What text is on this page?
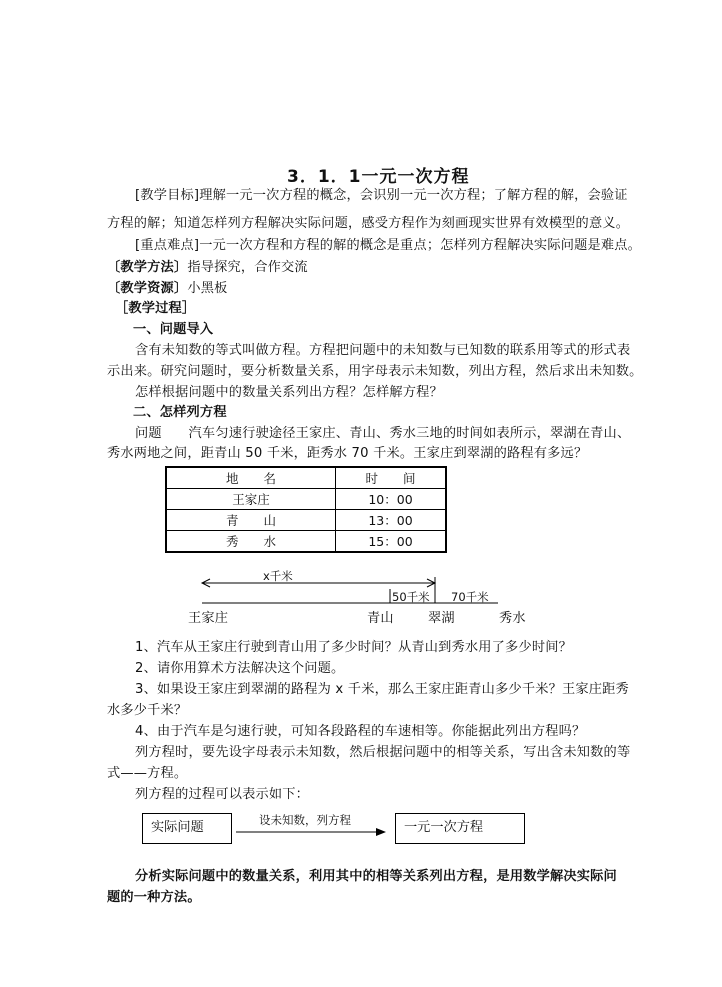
3．1．1一元一次方程
[教学目标]理解一元一次方程的概念，会识别一元一次方程；了解方程的解，会验证
方程的解；知道怎样列方程解决实际问题，感受方程作为刻画现实世界有效模型的意义。
[重点难点]一元一次方程和方程的解的概念是重点；怎样列方程解决实际问题是难点。
〔教学方法〕指导探究，合作交流
〔教学资源〕小黑板
［教学过程］
一、问题导入
含有未知数的等式叫做方程。方程把问题中的未知数与已知数的联系用等式的形式表
示出来。研究问题时，要分析数量关系，用字母表示未知数，列出方程，然后求出未知数。
怎样根据问题中的数量关系列出方程？怎样解方程？
二、怎样列方程
问题　　汽车匀速行驶途径王家庄、青山、秀水三地的时间如表所示，翠湖在青山、
秀水两地之间，距青山 50 千米，距秀水 70 千米。王家庄到翠湖的路程有多远？
地　　名	时　　间
王家庄	10：00
青　　山	13：00
秀　　水	15：00
x千米
50千米 70千米
王家庄	青山	翠湖	秀水
1、汽车从王家庄行驶到青山用了多少时间？从青山到秀水用了多少时间？
2、请你用算术方法解决这个问题。
3、如果设王家庄到翠湖的路程为 x 千米，那么王家庄距青山多少千米？王家庄距秀
水多少千米？
4、由于汽车是匀速行驶，可知各段路程的车速相等。你能据此列出方程吗？
列方程时，要先设字母表示未知数，然后根据问题中的相等关系，写出含未知数的等
式——方程。
列方程的过程可以表示如下：
实际问题	设未知数，列方程	一元一次方程
分析实际问题中的数量关系，利用其中的相等关系列出方程，是用数学解决实际问
题的一种方法。
